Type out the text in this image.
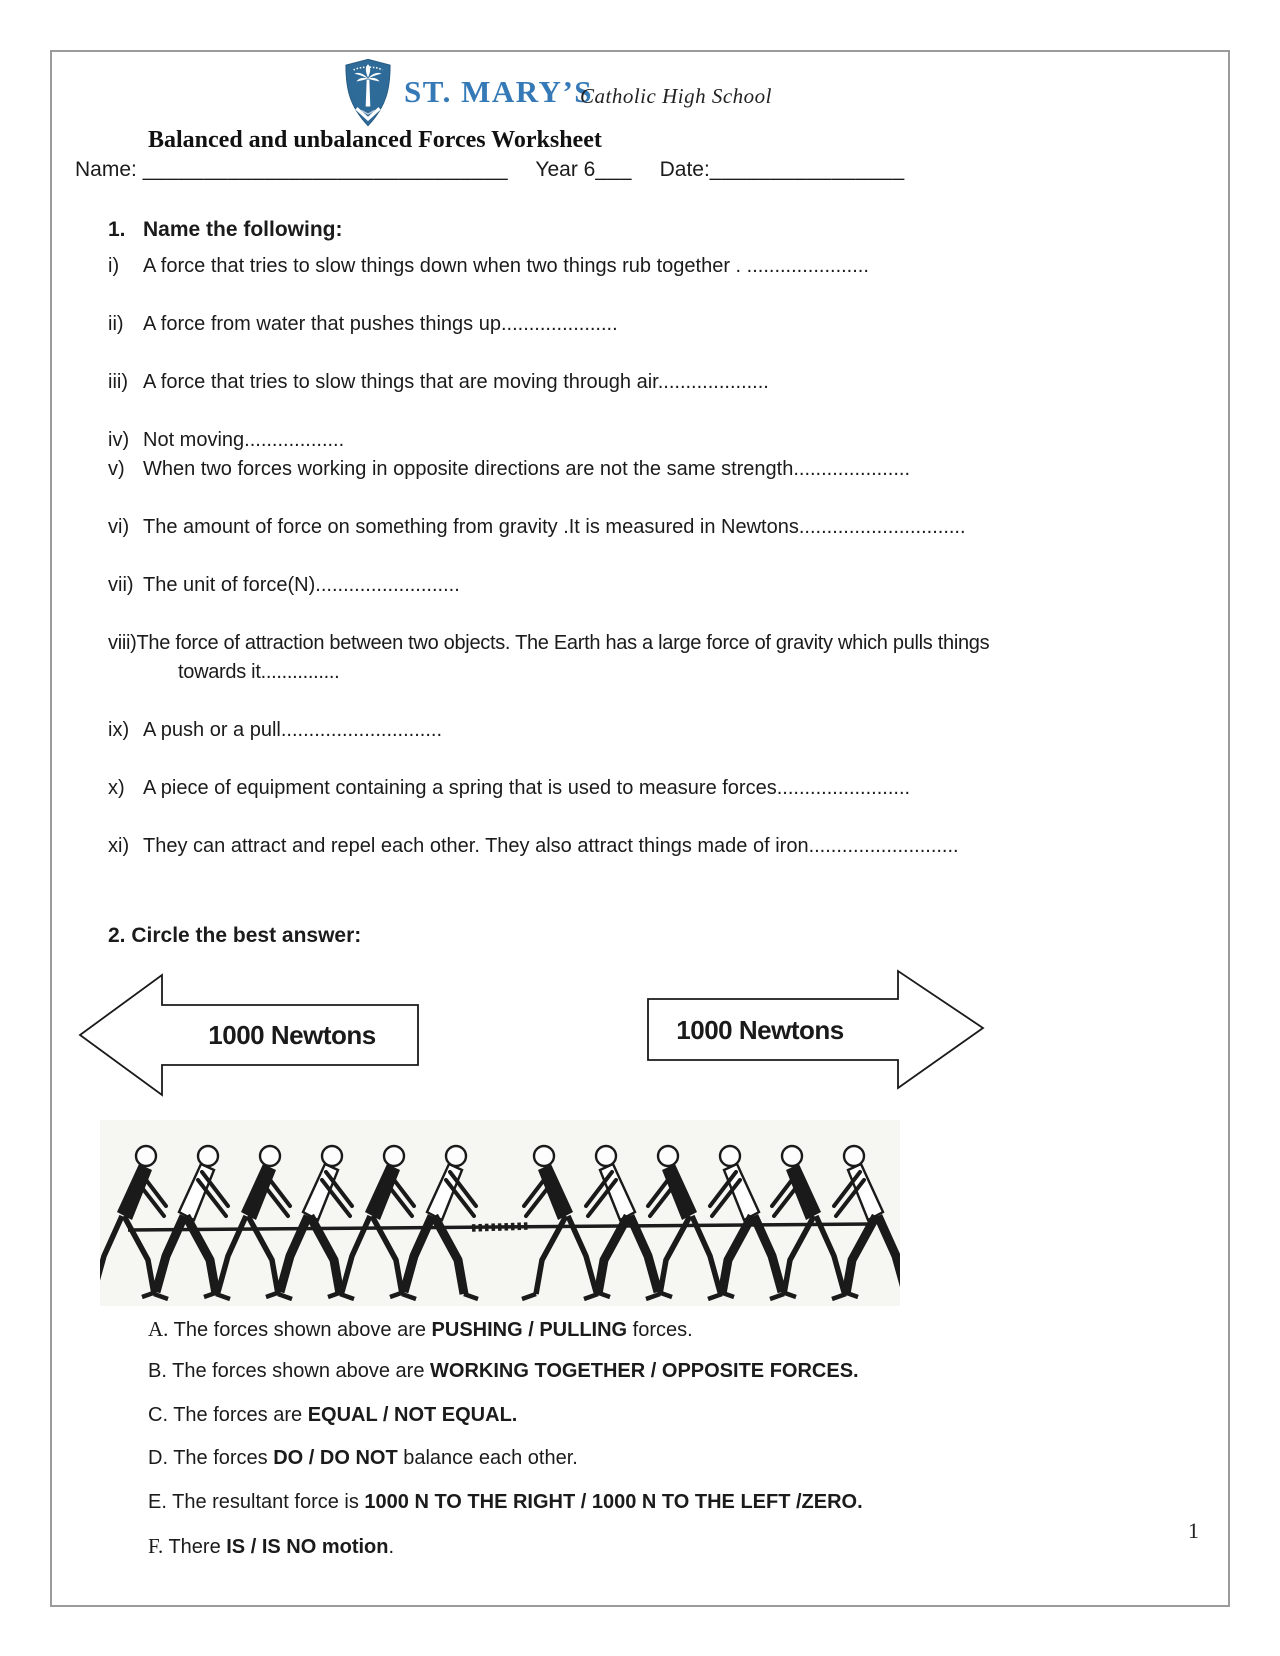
ST. MARY’S
Catholic High School
Balanced and unbalanced Forces Worksheet
Name: ______________________________ Year 6___ Date:________________
1. Name the following:
i) A force that tries to slow things down when two things rub together . ......................
ii) A force from water that pushes things up.....................
iii) A force that tries to slow things that are moving through air....................
iv) Not moving..................
v) When two forces working in opposite directions are not the same strength.....................
vi) The amount of force on something from gravity .It is measured in Newtons..............................
vii) The unit of force(N)..........................
viii)The force of attraction between two objects. The Earth has a large force of gravity which pulls things
towards it...............
ix) A push or a pull.............................
x) A piece of equipment containing a spring that is used to measure forces........................
xi) They can attract and repel each other. They also attract things made of iron...........................
2. Circle the best answer:
1000 Newtons	1000 Newtons
A. The forces shown above are PUSHING / PULLING forces.
B. The forces shown above are WORKING TOGETHER / OPPOSITE FORCES.
C. The forces are EQUAL / NOT EQUAL.
D. The forces DO / DO NOT balance each other.
E. The resultant force is 1000 N TO THE RIGHT / 1000 N TO THE LEFT /ZERO.
F. There IS / IS NO motion.
1
